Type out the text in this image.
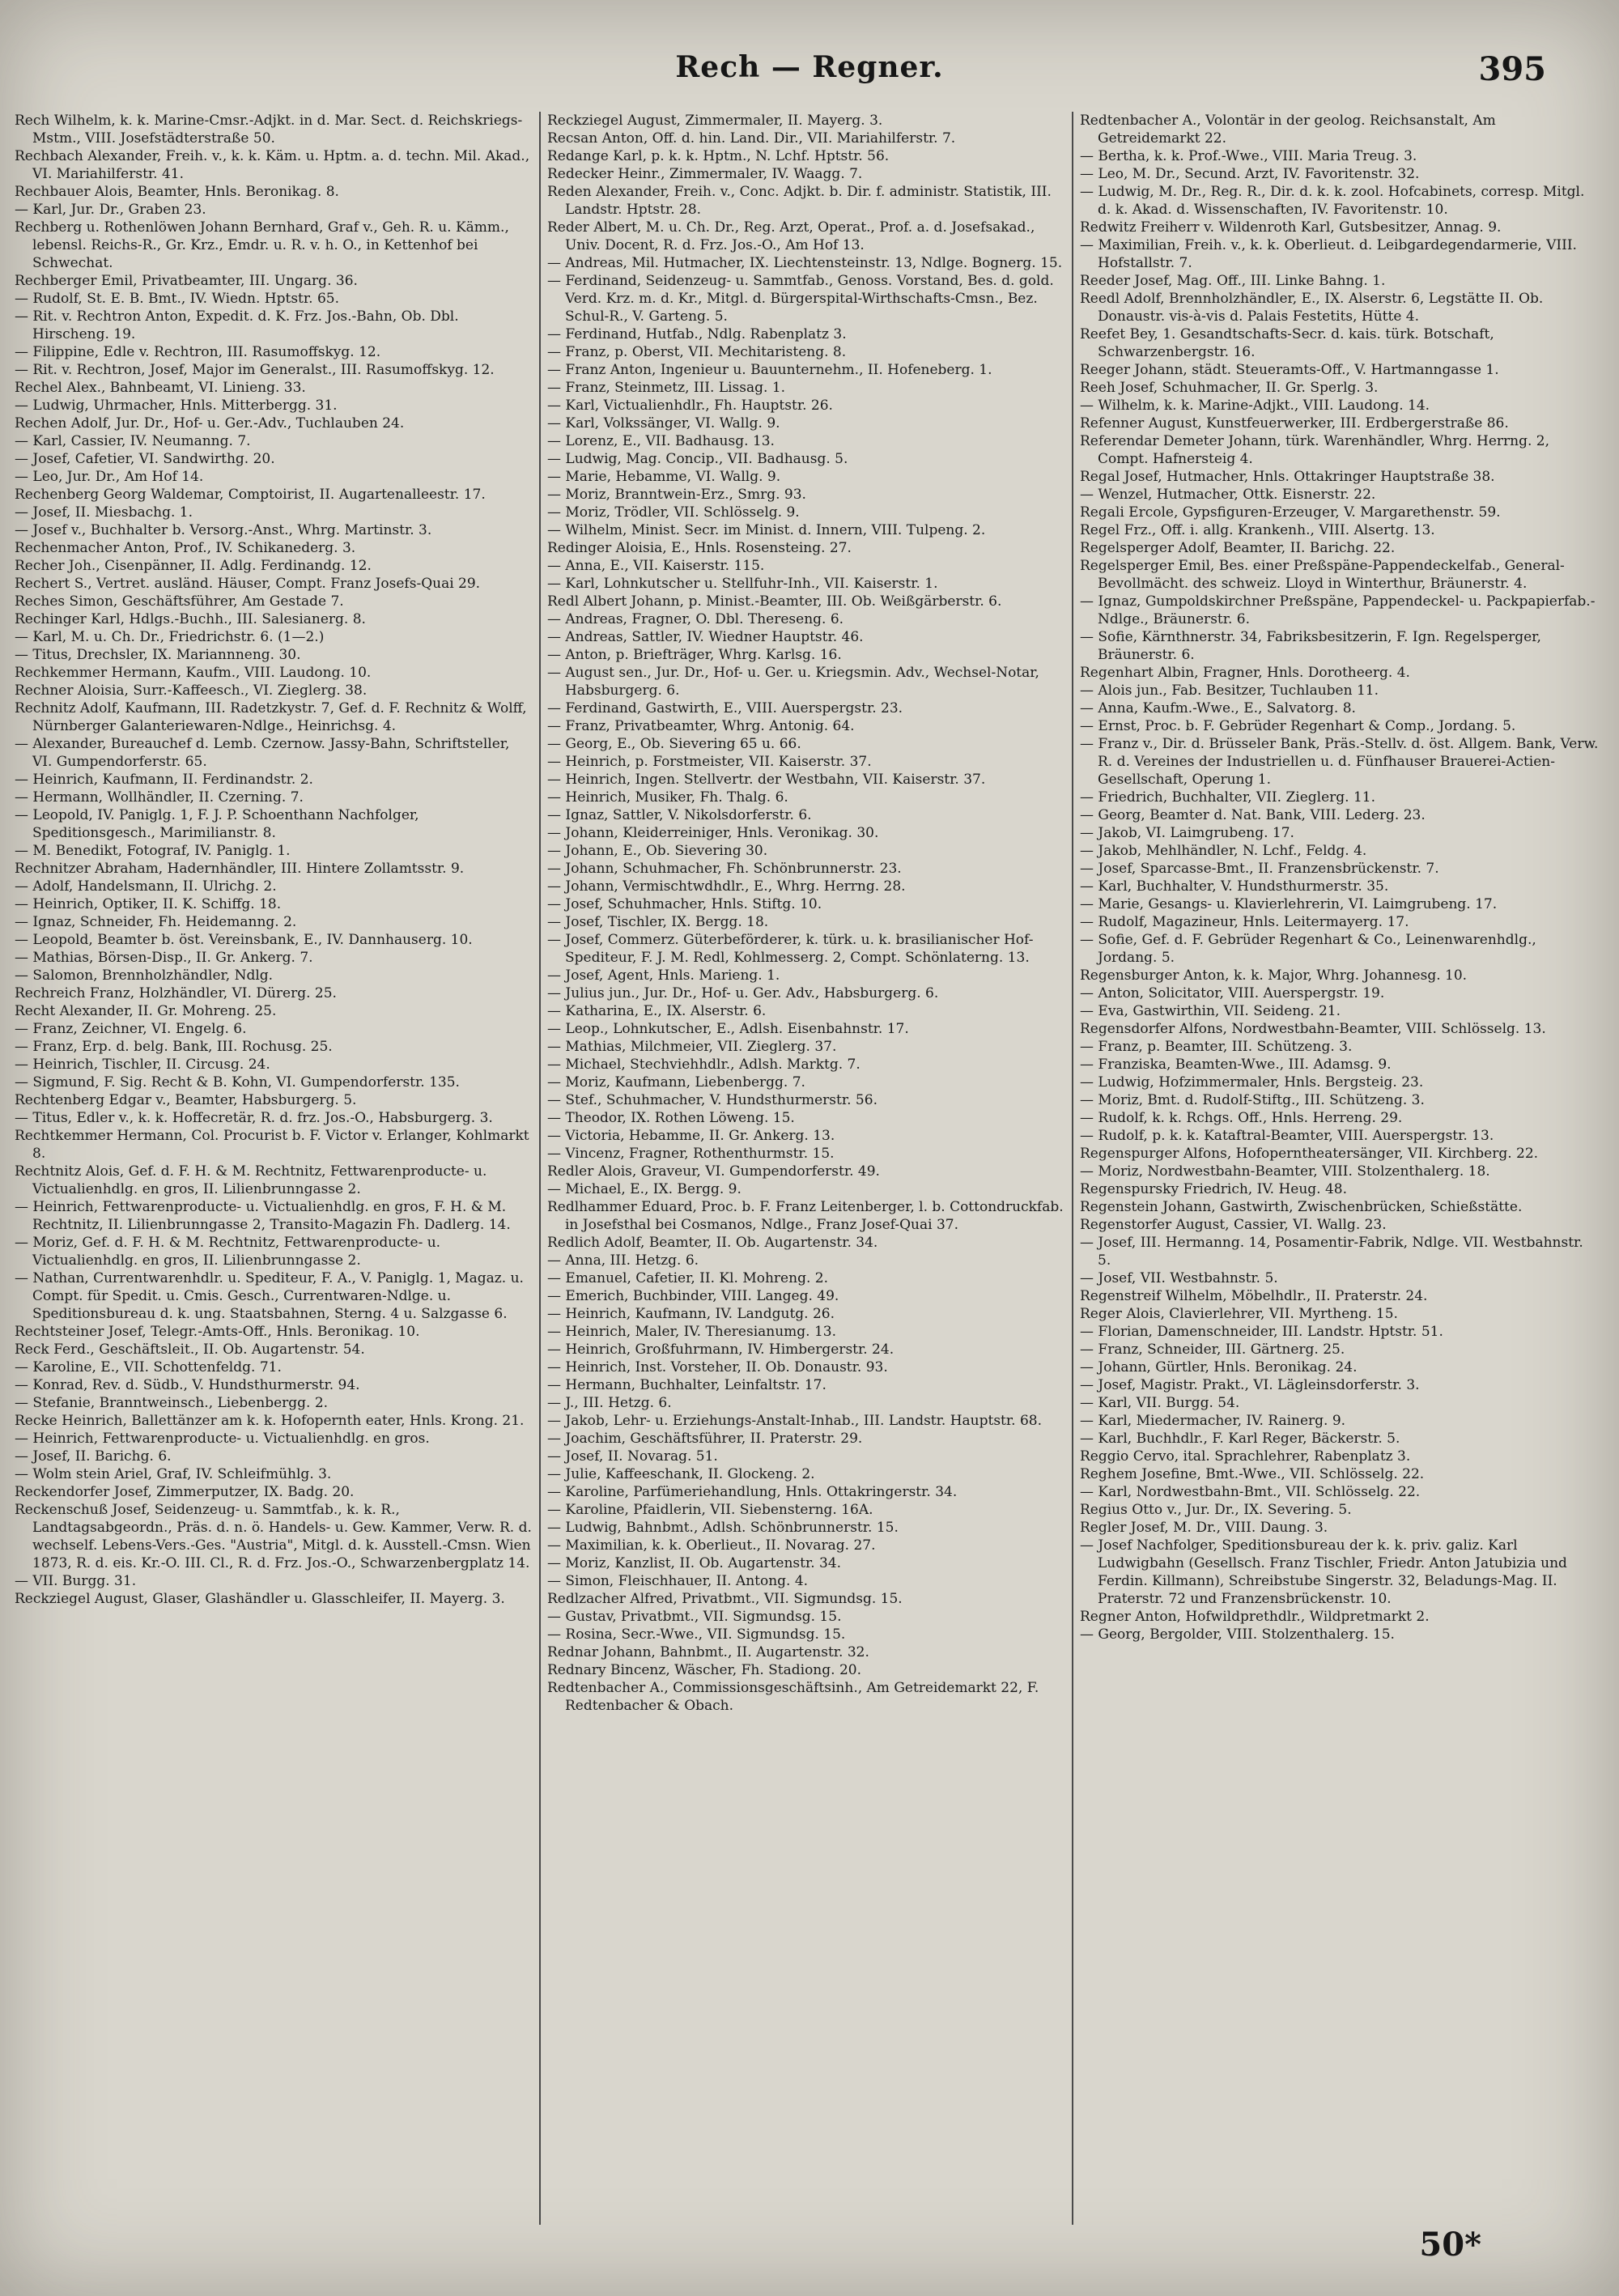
Rech — Regner.	395

Rech Wilhelm, k. k. Marine-Cmsr.-Adjkt. in d. Mar. Sect. d. Reichskriegs-Mstm., VIII. Josefstädterstraße 50.

Rechbach Alexander, Freih. v., k. k. Käm. u. Hptm. a. d. techn. Mil. Akad., VI. Mariahilferstr. 41.

Rechbauer Alois, Beamter, Hnls. Beronikag. 8.

— Karl, Jur. Dr., Graben 23.

Rechberg u. Rothenlöwen Johann Bernhard, Graf v., Geh. R. u. Kämm., lebensl. Reichs-R., Gr. Krz., Emdr. u. R. v. h. O., in Kettenhof bei Schwechat.

Rechberger Emil, Privatbeamter, III. Ungarg. 36.

— Rudolf, St. E. B. Bmt., IV. Wiedn. Hptstr. 65.

— Rit. v. Rechtron Anton, Expedit. d. K. Frz. Jos.-Bahn, Ob. Dbl. Hirscheng. 19.

— Filippine, Edle v. Rechtron, III. Rasumoffskyg. 12.

— Rit. v. Rechtron, Josef, Major im Generalst., III. Rasumoffskyg. 12.

Rechel Alex., Bahnbeamt, VI. Linieng. 33.

— Ludwig, Uhrmacher, Hnls. Mitterbergg. 31.

Rechen Adolf, Jur. Dr., Hof- u. Ger.-Adv., Tuchlauben 24.

— Karl, Cassier, IV. Neumanng. 7.

— Josef, Cafetier, VI. Sandwirthg. 20.

— Leo, Jur. Dr., Am Hof 14.

Rechenberg Georg Waldemar, Comptoirist, II. Augartenalleestr. 17.

— Josef, II. Miesbachg. 1.

— Josef v., Buchhalter b. Versorg.-Anst., Whrg. Martinstr. 3.

Rechenmacher Anton, Prof., IV. Schikanederg. 3.

Recher Joh., Cisenpänner, II. Adlg. Ferdinandg. 12.

Rechert S., Vertret. ausländ. Häuser, Compt. Franz Josefs-Quai 29.

Reches Simon, Geschäftsführer, Am Gestade 7.

Rechinger Karl, Hdlgs.-Buchh., III. Salesianerg. 8.

— Karl, M. u. Ch. Dr., Friedrichstr. 6. (1—2.)

— Titus, Drechsler, IX. Mariannneng. 30.

Rechkemmer Hermann, Kaufm., VIII. Laudong. 10.

Rechner Aloisia, Surr.-Kaffeesch., VI. Zieglerg. 38.

Rechnitz Adolf, Kaufmann, III. Radetzkystr. 7, Gef. d. F. Rechnitz & Wolff, Nürnberger Galanteriewaren-Ndlge., Heinrichsg. 4.

— Alexander, Bureauchef d. Lemb. Czernow. Jassy-Bahn, Schriftsteller, VI. Gumpendorferstr. 65.

— Heinrich, Kaufmann, II. Ferdinandstr. 2.

— Hermann, Wollhändler, II. Czerning. 7.

— Leopold, IV. Paniglg. 1, F. J. P. Schoenthann Nachfolger, Speditionsgesch., Marimilianstr. 8.

— M. Benedikt, Fotograf, IV. Paniglg. 1.

Rechnitzer Abraham, Hadernhändler, III. Hintere Zollamtsstr. 9.

— Adolf, Handelsmann, II. Ulrichg. 2.

— Heinrich, Optiker, II. K. Schiffg. 18.

— Ignaz, Schneider, Fh. Heidemanng. 2.

— Leopold, Beamter b. öst. Vereinsbank, E., IV. Dannhauserg. 10.

— Mathias, Börsen-Disp., II. Gr. Ankerg. 7.

— Salomon, Brennholzhändler, Ndlg.

Rechreich Franz, Holzhändler, VI. Dürerg. 25.

Recht Alexander, II. Gr. Mohreng. 25.

— Franz, Zeichner, VI. Engelg. 6.

— Franz, Erp. d. belg. Bank, III. Rochusg. 25.

— Heinrich, Tischler, II. Circusg. 24.

— Sigmund, F. Sig. Recht & B. Kohn, VI. Gumpendorferstr. 135.

Rechtenberg Edgar v., Beamter, Habsburgerg. 5.

— Titus, Edler v., k. k. Hoffecretär, R. d. frz. Jos.-O., Habsburgerg. 3.

Rechtkemmer Hermann, Col. Procurist b. F. Victor v. Erlanger, Kohlmarkt 8.

Rechtnitz Alois, Gef. d. F. H. & M. Rechtnitz, Fettwarenproducte- u. Victualienhdlg. en gros, II. Lilienbrunngasse 2.

— Heinrich, Fettwarenproducte- u. Victualienhdlg. en gros, F. H. & M. Rechtnitz, II. Lilienbrunngasse 2, Transito-Magazin Fh. Dadlerg. 14.

— Moriz, Gef. d. F. H. & M. Rechtnitz, Fettwarenproducte- u. Victualienhdlg. en gros, II. Lilienbrunngasse 2.

— Nathan, Currentwarenhdlr. u. Spediteur, F. A., V. Paniglg. 1, Magaz. u. Compt. für Spedit. u. Cmis. Gesch., Currentwaren-Ndlge. u. Speditionsbureau d. k. ung. Staatsbahnen, Sterng. 4 u. Salzgasse 6.

Rechtsteiner Josef, Telegr.-Amts-Off., Hnls. Beronikag. 10.

Reck Ferd., Geschäftsleit., II. Ob. Augartenstr. 54.

— Karoline, E., VII. Schottenfeldg. 71.

— Konrad, Rev. d. Südb., V. Hundsthurmerstr. 94.

— Stefanie, Branntweinsch., Liebenbergg. 2.

Recke Heinrich, Ballettänzer am k. k. Hofopernth eater, Hnls. Krong. 21.

— Heinrich, Fettwarenproducte- u. Victualienhdlg. en gros.

— Josef, II. Barichg. 6.

— Wolm stein Ariel, Graf, IV. Schleifmühlg. 3.

Reckendorfer Josef, Zimmerputzer, IX. Badg. 20.

Reckenschuß Josef, Seidenzeug- u. Sammtfab., k. k. R., Landtagsabgeordn., Präs. d. n. ö. Handels- u. Gew. Kammer, Verw. R. d. wechself. Lebens-Vers.-Ges. "Austria", Mitgl. d. k. Ausstell.-Cmsn. Wien 1873, R. d. eis. Kr.-O. III. Cl., R. d. Frz. Jos.-O., Schwarzenbergplatz 14.

— VII. Burgg. 31.

Reckziegel August, Glaser, Glashändler u. Glasschleifer, II. Mayerg. 3.

Reckziegel August, Zimmermaler, II. Mayerg. 3.

Recsan Anton, Off. d. hin. Land. Dir., VII. Mariahilferstr. 7.

Redange Karl, p. k. k. Hptm., N. Lchf. Hptstr. 56.

Redecker Heinr., Zimmermaler, IV. Waagg. 7.

Reden Alexander, Freih. v., Conc. Adjkt. b. Dir. f. administr. Statistik, III. Landstr. Hptstr. 28.

Reder Albert, M. u. Ch. Dr., Reg. Arzt, Operat., Prof. a. d. Josefsakad., Univ. Docent, R. d. Frz. Jos.-O., Am Hof 13.

— Andreas, Mil. Hutmacher, IX. Liechtensteinstr. 13, Ndlge. Bognerg. 15.

— Ferdinand, Seidenzeug- u. Sammtfab., Genoss. Vorstand, Bes. d. gold. Verd. Krz. m. d. Kr., Mitgl. d. Bürgerspital-Wirthschafts-Cmsn., Bez. Schul-R., V. Garteng. 5.

— Ferdinand, Hutfab., Ndlg. Rabenplatz 3.

— Franz, p. Oberst, VII. Mechitaristeng. 8.

— Franz Anton, Ingenieur u. Bauunternehm., II. Hofeneberg. 1.

— Franz, Steinmetz, III. Lissag. 1.

— Karl, Victualienhdlr., Fh. Hauptstr. 26.

— Karl, Volkssänger, VI. Wallg. 9.

— Lorenz, E., VII. Badhausg. 13.

— Ludwig, Mag. Concip., VII. Badhausg. 5.

— Marie, Hebamme, VI. Wallg. 9.

— Moriz, Branntwein-Erz., Smrg. 93.

— Moriz, Trödler, VII. Schlösselg. 9.

— Wilhelm, Minist. Secr. im Minist. d. Innern, VIII. Tulpeng. 2.

Redinger Aloisia, E., Hnls. Rosensteing. 27.

— Anna, E., VII. Kaiserstr. 115.

— Karl, Lohnkutscher u. Stellfuhr-Inh., VII. Kaiserstr. 1.

Redl Albert Johann, p. Minist.-Beamter, III. Ob. Weißgärberstr. 6.

— Andreas, Fragner, O. Dbl. Thereseng. 6.

— Andreas, Sattler, IV. Wiedner Hauptstr. 46.

— Anton, p. Briefträger, Whrg. Karlsg. 16.

— August sen., Jur. Dr., Hof- u. Ger. u. Kriegsmin. Adv., Wechsel-Notar, Habsburgerg. 6.

— Ferdinand, Gastwirth, E., VIII. Auerspergstr. 23.

— Franz, Privatbeamter, Whrg. Antonig. 64.

— Georg, E., Ob. Sievering 65 u. 66.

— Heinrich, p. Forstmeister, VII. Kaiserstr. 37.

— Heinrich, Ingen. Stellvertr. der Westbahn, VII. Kaiserstr. 37.

— Heinrich, Musiker, Fh. Thalg. 6.

— Ignaz, Sattler, V. Nikolsdorferstr. 6.

— Johann, Kleiderreiniger, Hnls. Veronikag. 30.

— Johann, E., Ob. Sievering 30.

— Johann, Schuhmacher, Fh. Schönbrunnerstr. 23.

— Johann, Vermischtwdhdlr., E., Whrg. Herrng. 28.

— Josef, Schuhmacher, Hnls. Stiftg. 10.

— Josef, Tischler, IX. Bergg. 18.

— Josef, Commerz. Güterbeförderer, k. türk. u. k. brasilianischer Hof-Spediteur, F. J. M. Redl, Kohlmesserg. 2, Compt. Schönlaterng. 13.

— Josef, Agent, Hnls. Marieng. 1.

— Julius jun., Jur. Dr., Hof- u. Ger. Adv., Habsburgerg. 6.

— Katharina, E., IX. Alserstr. 6.

— Leop., Lohnkutscher, E., Adlsh. Eisenbahnstr. 17.

— Mathias, Milchmeier, VII. Zieglerg. 37.

— Michael, Stechviehhdlr., Adlsh. Marktg. 7.

— Moriz, Kaufmann, Liebenbergg. 7.

— Stef., Schuhmacher, V. Hundsthurmerstr. 56.

— Theodor, IX. Rothen Löweng. 15.

— Victoria, Hebamme, II. Gr. Ankerg. 13.

— Vincenz, Fragner, Rothenthurmstr. 15.

Redler Alois, Graveur, VI. Gumpendorferstr. 49.

— Michael, E., IX. Bergg. 9.

Redlhammer Eduard, Proc. b. F. Franz Leitenberger, l. b. Cottondruckfab. in Josefsthal bei Cosmanos, Ndlge., Franz Josef-Quai 37.

Redlich Adolf, Beamter, II. Ob. Augartenstr. 34.

— Anna, III. Hetzg. 6.

— Emanuel, Cafetier, II. Kl. Mohreng. 2.

— Emerich, Buchbinder, VIII. Langeg. 49.

— Heinrich, Kaufmann, IV. Landgutg. 26.

— Heinrich, Maler, IV. Theresianumg. 13.

— Heinrich, Großfuhrmann, IV. Himbergerstr. 24.

— Heinrich, Inst. Vorsteher, II. Ob. Donaustr. 93.

— Hermann, Buchhalter, Leinfaltstr. 17.

— J., III. Hetzg. 6.

— Jakob, Lehr- u. Erziehungs-Anstalt-Inhab., III. Landstr. Hauptstr. 68.

— Joachim, Geschäftsführer, II. Praterstr. 29.

— Josef, II. Novarag. 51.

— Julie, Kaffeeschank, II. Glockeng. 2.

— Karoline, Parfümeriehandlung, Hnls. Ottakringerstr. 34.

— Karoline, Pfaidlerin, VII. Siebensterng. 16A.

— Ludwig, Bahnbmt., Adlsh. Schönbrunnerstr. 15.

— Maximilian, k. k. Oberlieut., II. Novarag. 27.

— Moriz, Kanzlist, II. Ob. Augartenstr. 34.

— Simon, Fleischhauer, II. Antong. 4.

Redlzacher Alfred, Privatbmt., VII. Sigmundsg. 15.

— Gustav, Privatbmt., VII. Sigmundsg. 15.

— Rosina, Secr.-Wwe., VII. Sigmundsg. 15.

Rednar Johann, Bahnbmt., II. Augartenstr. 32.

Rednary Bincenz, Wäscher, Fh. Stadiong. 20.

Redtenbacher A., Commissionsgeschäftsinh., Am Getreidemarkt 22, F. Redtenbacher & Obach.

Redtenbacher A., Volontär in der geolog. Reichsanstalt, Am Getreidemarkt 22.

— Bertha, k. k. Prof.-Wwe., VIII. Maria Treug. 3.

— Leo, M. Dr., Secund. Arzt, IV. Favoritenstr. 32.

— Ludwig, M. Dr., Reg. R., Dir. d. k. k. zool. Hofcabinets, corresp. Mitgl. d. k. Akad. d. Wissenschaften, IV. Favoritenstr. 10.

Redwitz Freiherr v. Wildenroth Karl, Gutsbesitzer, Annag. 9.

— Maximilian, Freih. v., k. k. Oberlieut. d. Leibgardegendarmerie, VIII. Hofstallstr. 7.

Reeder Josef, Mag. Off., III. Linke Bahng. 1.

Reedl Adolf, Brennholzhändler, E., IX. Alserstr. 6, Legstätte II. Ob. Donaustr. vis-à-vis d. Palais Festetits, Hütte 4.

Reefet Bey, 1. Gesandtschafts-Secr. d. kais. türk. Botschaft, Schwarzenbergstr. 16.

Reeger Johann, städt. Steueramts-Off., V. Hartmanngasse 1.

Reeh Josef, Schuhmacher, II. Gr. Sperlg. 3.

— Wilhelm, k. k. Marine-Adjkt., VIII. Laudong. 14.

Refenner August, Kunstfeuerwerker, III. Erdbergerstraße 86.

Referendar Demeter Johann, türk. Warenhändler, Whrg. Herrng. 2, Compt. Hafnersteig 4.

Regal Josef, Hutmacher, Hnls. Ottakringer Hauptstraße 38.

— Wenzel, Hutmacher, Ottk. Eisnerstr. 22.

Regali Ercole, Gypsfiguren-Erzeuger, V. Margarethenstr. 59.

Regel Frz., Off. i. allg. Krankenh., VIII. Alsertg. 13.

Regelsperger Adolf, Beamter, II. Barichg. 22.

Regelsperger Emil, Bes. einer Preßspäne-Pappendeckelfab., General-Bevollmächt. des schweiz. Lloyd in Winterthur, Bräunerstr. 4.

— Ignaz, Gumpoldskirchner Preßspäne, Pappendeckel- u. Packpapierfab.-Ndlge., Bräunerstr. 6.

— Sofie, Kärnthnerstr. 34, Fabriksbesitzerin, F. Ign. Regelsperger, Bräunerstr. 6.

Regenhart Albin, Fragner, Hnls. Dorotheerg. 4.

— Alois jun., Fab. Besitzer, Tuchlauben 11.

— Anna, Kaufm.-Wwe., E., Salvatorg. 8.

— Ernst, Proc. b. F. Gebrüder Regenhart & Comp., Jordang. 5.

— Franz v., Dir. d. Brüsseler Bank, Präs.-Stellv. d. öst. Allgem. Bank, Verw. R. d. Vereines der Industriellen u. d. Fünfhauser Brauerei-Actien-Gesellschaft, Operung 1.

— Friedrich, Buchhalter, VII. Zieglerg. 11.

— Georg, Beamter d. Nat. Bank, VIII. Lederg. 23.

— Jakob, VI. Laimgrubeng. 17.

— Jakob, Mehlhändler, N. Lchf., Feldg. 4.

— Josef, Sparcasse-Bmt., II. Franzensbrückenstr. 7.

— Karl, Buchhalter, V. Hundsthurmerstr. 35.

— Marie, Gesangs- u. Klavierlehrerin, VI. Laimgrubeng. 17.

— Rudolf, Magazineur, Hnls. Leitermayerg. 17.

— Sofie, Gef. d. F. Gebrüder Regenhart & Co., Leinenwarenhdlg., Jordang. 5.

Regensburger Anton, k. k. Major, Whrg. Johannesg. 10.

— Anton, Solicitator, VIII. Auerspergstr. 19.

— Eva, Gastwirthin, VII. Seideng. 21.

Regensdorfer Alfons, Nordwestbahn-Beamter, VIII. Schlösselg. 13.

— Franz, p. Beamter, III. Schützeng. 3.

— Franziska, Beamten-Wwe., III. Adamsg. 9.

— Ludwig, Hofzimmermaler, Hnls. Bergsteig. 23.

— Moriz, Bmt. d. Rudolf-Stiftg., III. Schützeng. 3.

— Rudolf, k. k. Rchgs. Off., Hnls. Herreng. 29.

— Rudolf, p. k. k. Kataftral-Beamter, VIII. Auerspergstr. 13.

Regenspurger Alfons, Hofoperntheatersänger, VII. Kirchberg. 22.

— Moriz, Nordwestbahn-Beamter, VIII. Stolzenthalerg. 18.

Regenspursky Friedrich, IV. Heug. 48.

Regenstein Johann, Gastwirth, Zwischenbrücken, Schießstätte.

Regenstorfer August, Cassier, VI. Wallg. 23.

— Josef, III. Hermanng. 14, Posamentir-Fabrik, Ndlge. VII. Westbahnstr. 5.

— Josef, VII. Westbahnstr. 5.

Regenstreif Wilhelm, Möbelhdlr., II. Praterstr. 24.

Reger Alois, Clavierlehrer, VII. Myrtheng. 15.

— Florian, Damenschneider, III. Landstr. Hptstr. 51.

— Franz, Schneider, III. Gärtnerg. 25.

— Johann, Gürtler, Hnls. Beronikag. 24.

— Josef, Magistr. Prakt., VI. Lägleinsdorferstr. 3.

— Karl, VII. Burgg. 54.

— Karl, Miedermacher, IV. Rainerg. 9.

— Karl, Buchhdlr., F. Karl Reger, Bäckerstr. 5.

Reggio Cervo, ital. Sprachlehrer, Rabenplatz 3.

Reghem Josefine, Bmt.-Wwe., VII. Schlösselg. 22.

— Karl, Nordwestbahn-Bmt., VII. Schlösselg. 22.

Regius Otto v., Jur. Dr., IX. Severing. 5.

Regler Josef, M. Dr., VIII. Daung. 3.

— Josef Nachfolger, Speditionsbureau der k. k. priv. galiz. Karl Ludwigbahn (Gesellsch. Franz Tischler, Friedr. Anton Jatubizia und Ferdin. Killmann), Schreibstube Singerstr. 32, Beladungs-Mag. II. Praterstr. 72 und Franzensbrückenstr. 10.

Regner Anton, Hofwildprethdlr., Wildpretmarkt 2.

— Georg, Bergolder, VIII. Stolzenthalerg. 15.

50*
